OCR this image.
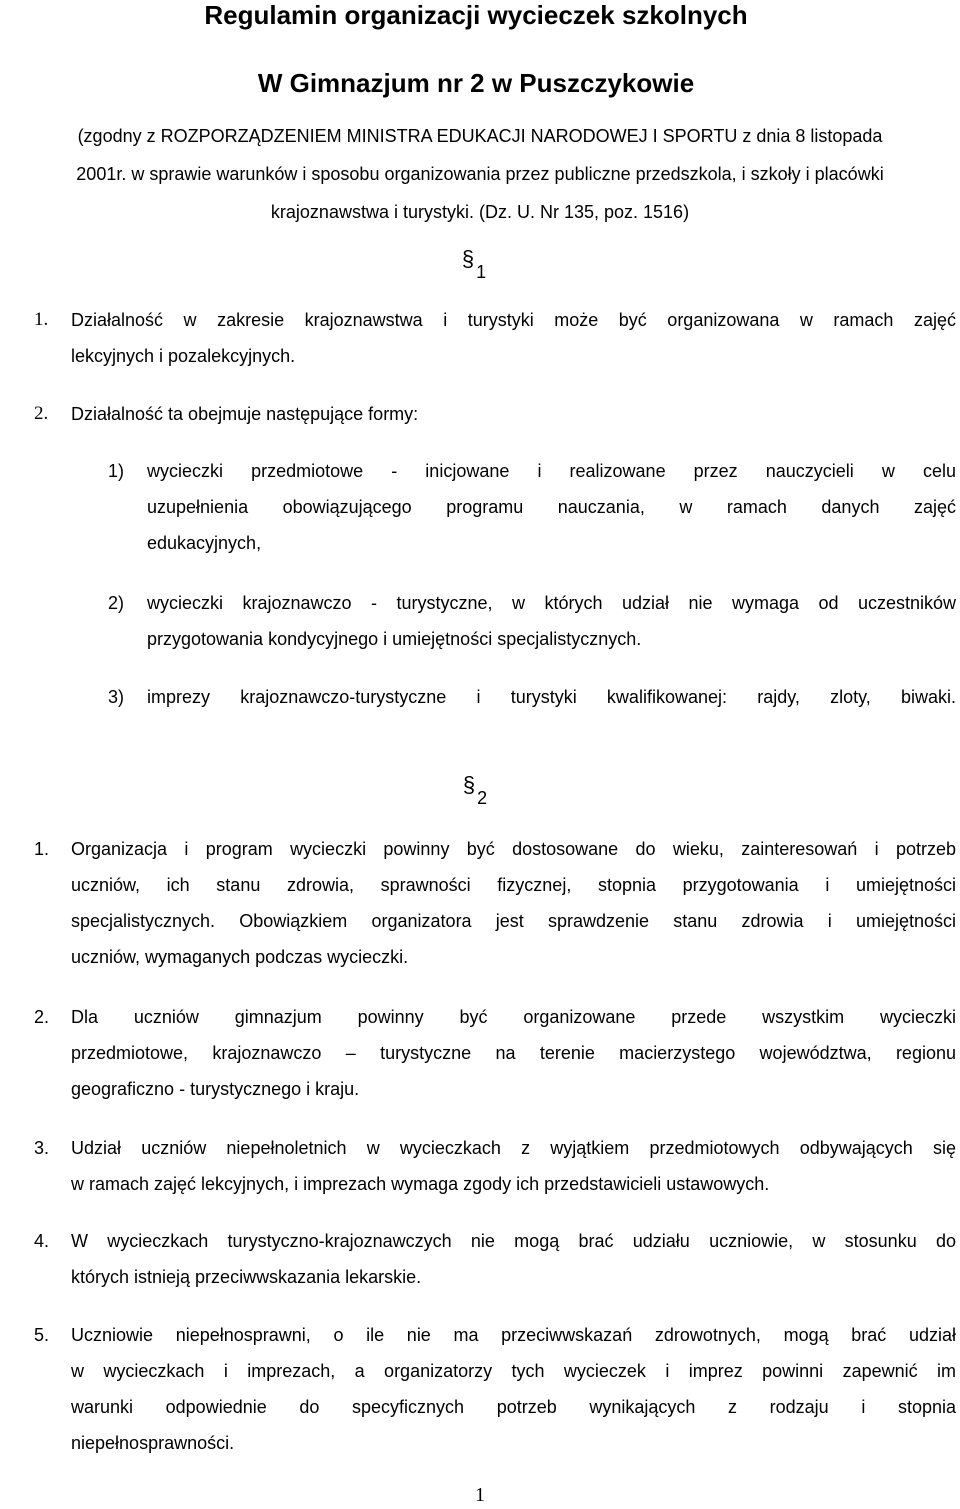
Regulamin organizacji wycieczek szkolnych
W Gimnazjum nr 2 w Puszczykowie
(zgodny z ROZPORZĄDZENIEM MINISTRA EDUKACJI NARODOWEJ I SPORTU z dnia 8 listopada
2001r. w sprawie warunków i sposobu organizowania przez publiczne przedszkola, i szkoły i placówki
krajoznawstwa i turystyki. (Dz. U. Nr 135, poz. 1516)
§1
1. Działalność w zakresie krajoznawstwa i turystyki może być organizowana w ramach zajęć
lekcyjnych i pozalekcyjnych.
2. Działalność ta obejmuje następujące formy:
1) wycieczki przedmiotowe - inicjowane i realizowane przez nauczycieli w celu
uzupełnienia obowiązującego programu nauczania, w ramach danych zajęć
edukacyjnych,
2) wycieczki krajoznawczo - turystyczne, w których udział nie wymaga od uczestników
przygotowania kondycyjnego i umiejętności specjalistycznych.
3) imprezy krajoznawczo-turystyczne i turystyki kwalifikowanej: rajdy, zloty, biwaki.
§2
1. Organizacja i program wycieczki powinny być dostosowane do wieku, zainteresowań i potrzeb
uczniów, ich stanu zdrowia, sprawności fizycznej, stopnia przygotowania i umiejętności
specjalistycznych. Obowiązkiem organizatora jest sprawdzenie stanu zdrowia i umiejętności
uczniów, wymaganych podczas wycieczki.
2. Dla uczniów gimnazjum powinny być organizowane przede wszystkim wycieczki
przedmiotowe, krajoznawczo – turystyczne na terenie macierzystego województwa, regionu
geograficzno - turystycznego i kraju.
3. Udział uczniów niepełnoletnich w wycieczkach z wyjątkiem przedmiotowych odbywających się
w ramach zajęć lekcyjnych, i imprezach wymaga zgody ich przedstawicieli ustawowych.
4. W wycieczkach turystyczno-krajoznawczych nie mogą brać udziału uczniowie, w stosunku do
których istnieją przeciwwskazania lekarskie.
5. Uczniowie niepełnosprawni, o ile nie ma przeciwwskazań zdrowotnych, mogą brać udział
w wycieczkach i imprezach, a organizatorzy tych wycieczek i imprez powinni zapewnić im
warunki odpowiednie do specyficznych potrzeb wynikających z rodzaju i stopnia
niepełnosprawności.
1
